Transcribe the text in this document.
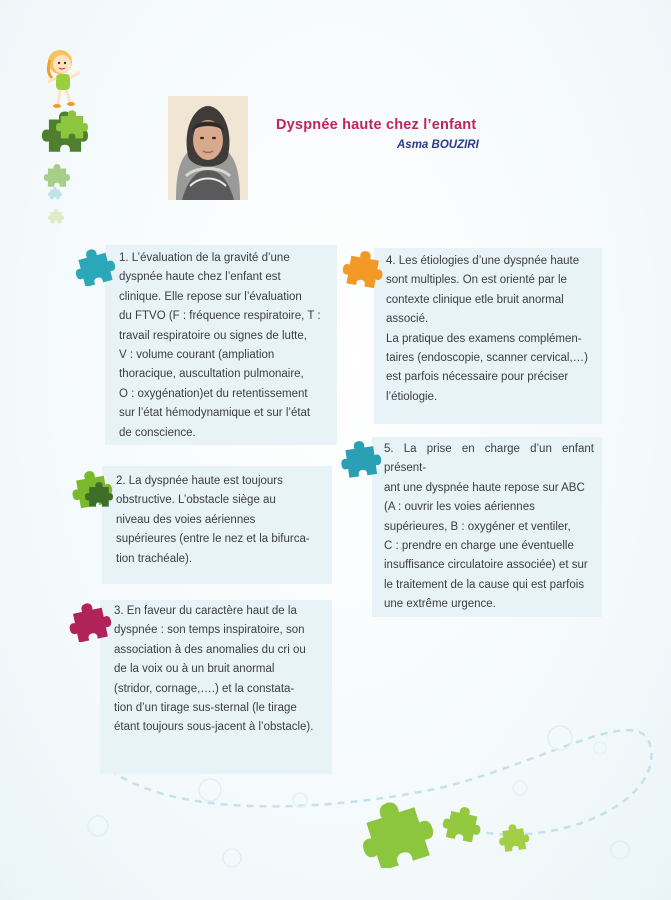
Dyspnée haute chez l’enfant
Asma BOUZIRI

1. L’évaluation de la gravité d’une

dyspnée haute chez l’enfant est

clinique. Elle repose sur l’évaluation

du FTVO (F : fréquence respiratoire, T :

travail respiratoire ou signes de lutte,

V : volume courant (ampliation

thoracique, auscultation pulmonaire,

O : oxygénation)et du retentissement

sur l’état hémodynamique et sur l’état

de conscience.

2. La dyspnée haute est toujours

obstructive. L’obstacle siège au

niveau des voies aériennes

supérieures (entre le nez et la bifurca-

tion trachéale).

3. En faveur du caractère haut de la

dyspnée : son temps inspiratoire, son

association à des anomalies du cri ou

de la voix ou à un bruit anormal

(stridor, cornage,….) et la constata-

tion d’un tirage sus-sternal (le tirage

étant toujours sous-jacent à l’obstacle).

4. Les étiologies d’une dyspnée haute

sont multiples. On est orienté par le

contexte clinique etle bruit anormal

associé.

La pratique des examens complémen-

taires (endoscopie, scanner cervical,…)

est parfois nécessaire pour préciser

l’étiologie.

5. La prise en charge d’un enfant présent-

ant une dyspnée haute repose sur ABC

(A : ouvrir les voies aériennes

supérieures, B : oxygéner et ventiler,

C : prendre en charge une éventuelle

insuffisance circulatoire associée) et sur

le traitement de la cause qui est parfois

une extrême urgence.
